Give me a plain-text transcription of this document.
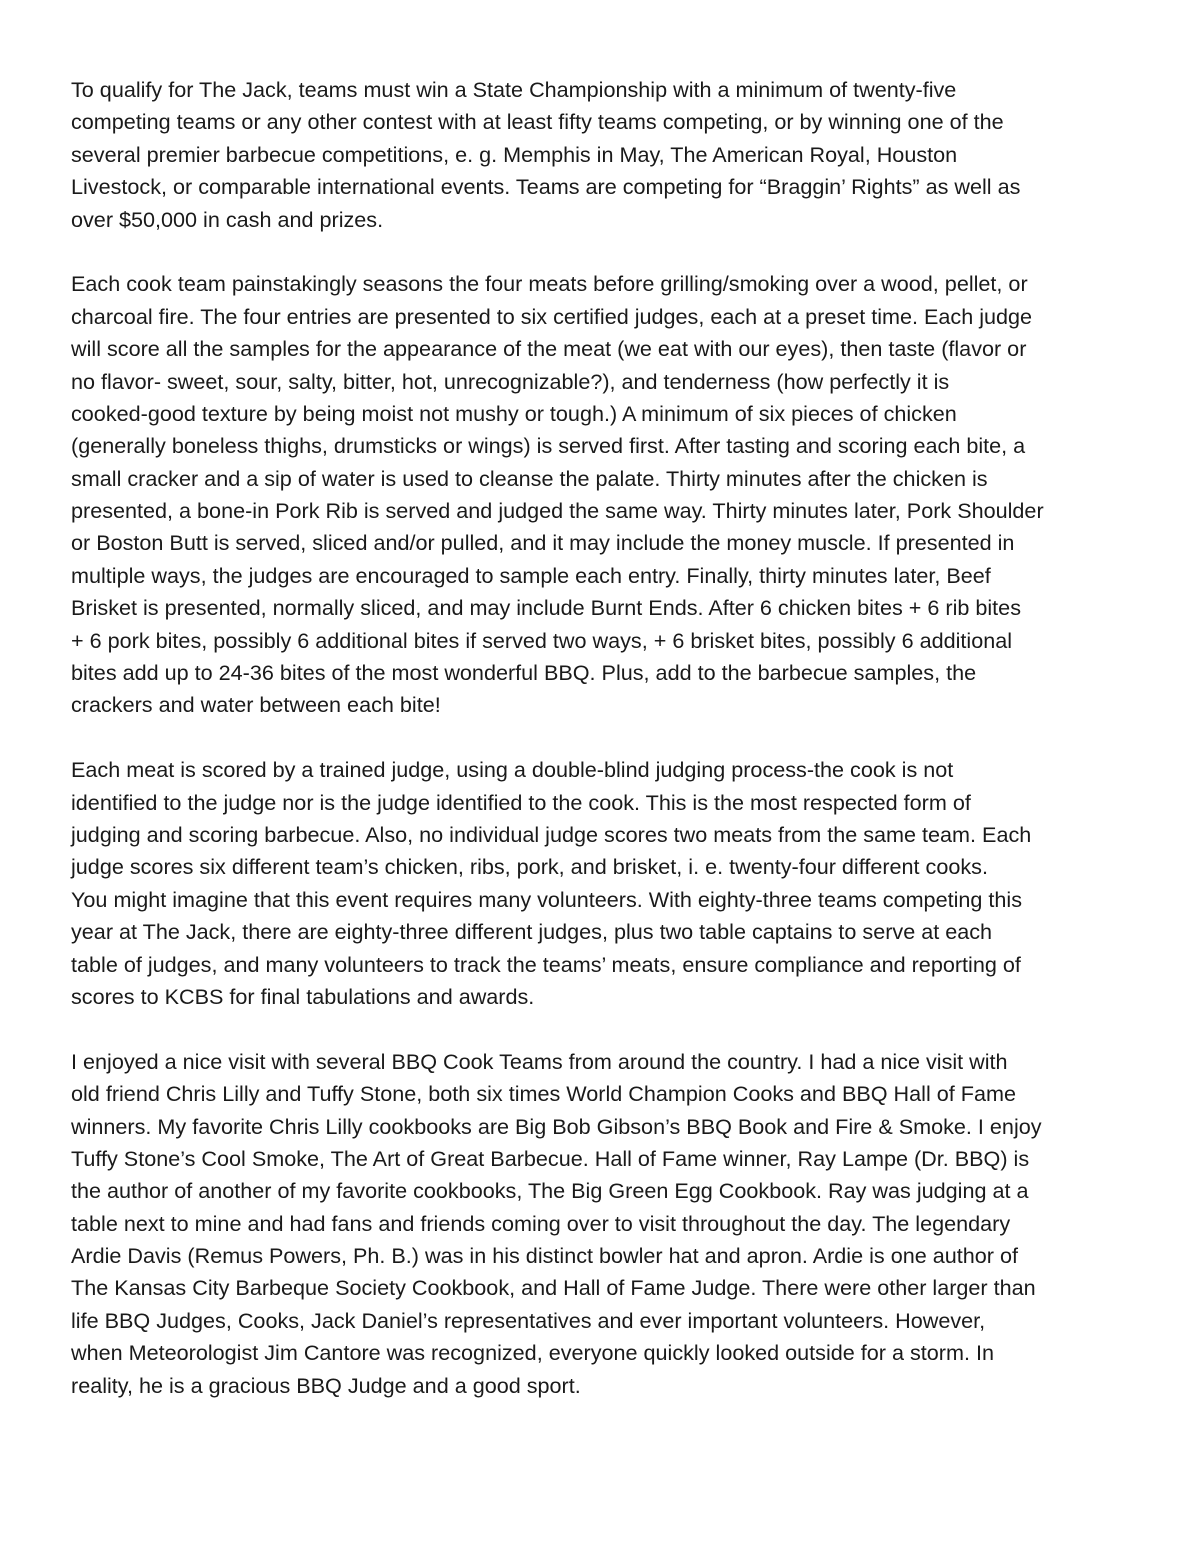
To qualify for The Jack, teams must win a State Championship with a minimum of twenty-five
competing teams or any other contest with at least fifty teams competing, or by winning one of the
several premier barbecue competitions, e. g. Memphis in May, The American Royal, Houston
Livestock, or comparable international events. Teams are competing for “Braggin’ Rights” as well as
over $50,000 in cash and prizes.

Each cook team painstakingly seasons the four meats before grilling/smoking over a wood, pellet, or
charcoal fire. The four entries are presented to six certified judges, each at a preset time. Each judge
will score all the samples for the appearance of the meat (we eat with our eyes), then taste (flavor or
no flavor- sweet, sour, salty, bitter, hot, unrecognizable?), and tenderness (how perfectly it is
cooked-good texture by being moist not mushy or tough.) A minimum of six pieces of chicken
(generally boneless thighs, drumsticks or wings) is served first. After tasting and scoring each bite, a
small cracker and a sip of water is used to cleanse the palate. Thirty minutes after the chicken is
presented, a bone-in Pork Rib is served and judged the same way. Thirty minutes later, Pork Shoulder
or Boston Butt is served, sliced and/or pulled, and it may include the money muscle. If presented in
multiple ways, the judges are encouraged to sample each entry. Finally, thirty minutes later, Beef
Brisket is presented, normally sliced, and may include Burnt Ends. After 6 chicken bites + 6 rib bites
+ 6 pork bites, possibly 6 additional bites if served two ways, + 6 brisket bites, possibly 6 additional
bites add up to 24-36 bites of the most wonderful BBQ. Plus, add to the barbecue samples, the
crackers and water between each bite!

Each meat is scored by a trained judge, using a double-blind judging process-the cook is not
identified to the judge nor is the judge identified to the cook. This is the most respected form of
judging and scoring barbecue. Also, no individual judge scores two meats from the same team. Each
judge scores six different team’s chicken, ribs, pork, and brisket, i. e. twenty-four different cooks.
You might imagine that this event requires many volunteers. With eighty-three teams competing this
year at The Jack, there are eighty-three different judges, plus two table captains to serve at each
table of judges, and many volunteers to track the teams’ meats, ensure compliance and reporting of
scores to KCBS for final tabulations and awards.

I enjoyed a nice visit with several BBQ Cook Teams from around the country. I had a nice visit with
old friend Chris Lilly and Tuffy Stone, both six times World Champion Cooks and BBQ Hall of Fame
winners. My favorite Chris Lilly cookbooks are Big Bob Gibson’s BBQ Book and Fire & Smoke. I enjoy
Tuffy Stone’s Cool Smoke, The Art of Great Barbecue. Hall of Fame winner, Ray Lampe (Dr. BBQ) is
the author of another of my favorite cookbooks, The Big Green Egg Cookbook. Ray was judging at a
table next to mine and had fans and friends coming over to visit throughout the day. The legendary
Ardie Davis (Remus Powers, Ph. B.) was in his distinct bowler hat and apron. Ardie is one author of
The Kansas City Barbeque Society Cookbook, and Hall of Fame Judge. There were other larger than
life BBQ Judges, Cooks, Jack Daniel’s representatives and ever important volunteers. However,
when Meteorologist Jim Cantore was recognized, everyone quickly looked outside for a storm. In
reality, he is a gracious BBQ Judge and a good sport.
